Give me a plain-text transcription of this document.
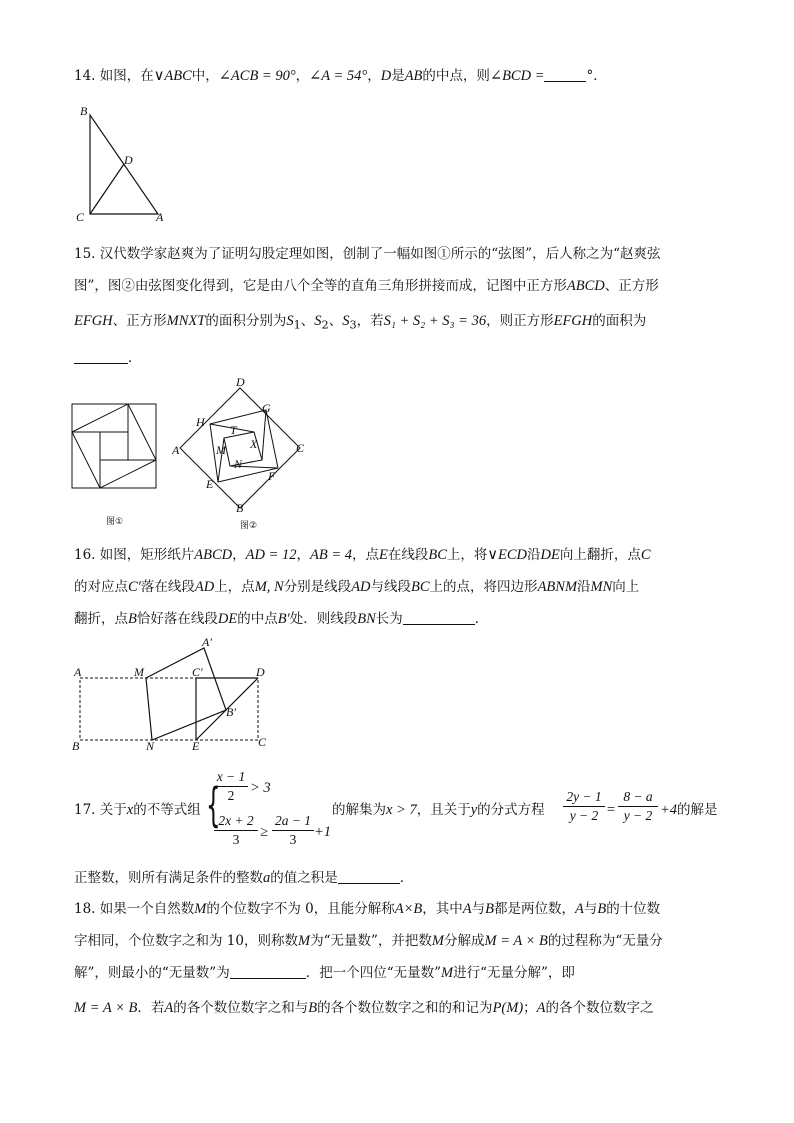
14. 如图，在∨ABC中，∠ACB = 90°，∠A = 54°，D是AB的中点，则∠BCD =	°．
B
D
C	A
15. 汉代数学家赵爽为了证明勾股定理如图，创制了一幅如图①所示的“弦图”，后人称之为“赵爽弦
图”，图②由弦图变化得到，它是由八个全等的直角三角形拼接而成，记图中正方形ABCD、正方形
EFGH、正方形MNXT的面积分别为$S_1$、$S_2$、$S_3$，若S₁ + S₂ + S₃ = 36，则正方形EFGH的面积为
．
图①
D
G
H
T
X
A	C
M
N
F
E
B
图②
16. 如图，矩形纸片ABCD，AD = 12，AB = 4，点E在线段BC上，将∨ECD沿DE向上翻折，点C
的对应点C′落在线段AD上，点M, N分别是线段AD与线段BC上的点，将四边形ABNM沿MN向上
翻折，点B恰好落在线段DE的中点B′处．则线段BN长为	．
A′
A	M	C′	D
B′
B	N	E	C
17. 关于x的不等式组 {
x − 1
2	> 3
2x + 2
3	≥
2a − 1
3	+1
的解集为x > 7，且关于y的分式方程
2y − 1
y − 2 =
8 − a
y − 2 +4的解是
正整数，则所有满足条件的整数a的值之积是	．
18. 如果一个自然数M的个位数字不为 0，且能分解称A×B，其中A与B都是两位数，A与B的十位数
字相同，个位数字之和为 10，则称数M为“无量数”，并把数M分解成M = A × B的过程称为“无量分
解”，则最小的“无量数”为	．把一个四位“无量数”M进行“无量分解”，即
M = A × B．若A的各个数位数字之和与B的各个数位数字之和的和记为P(M)；A的各个数位数字之
